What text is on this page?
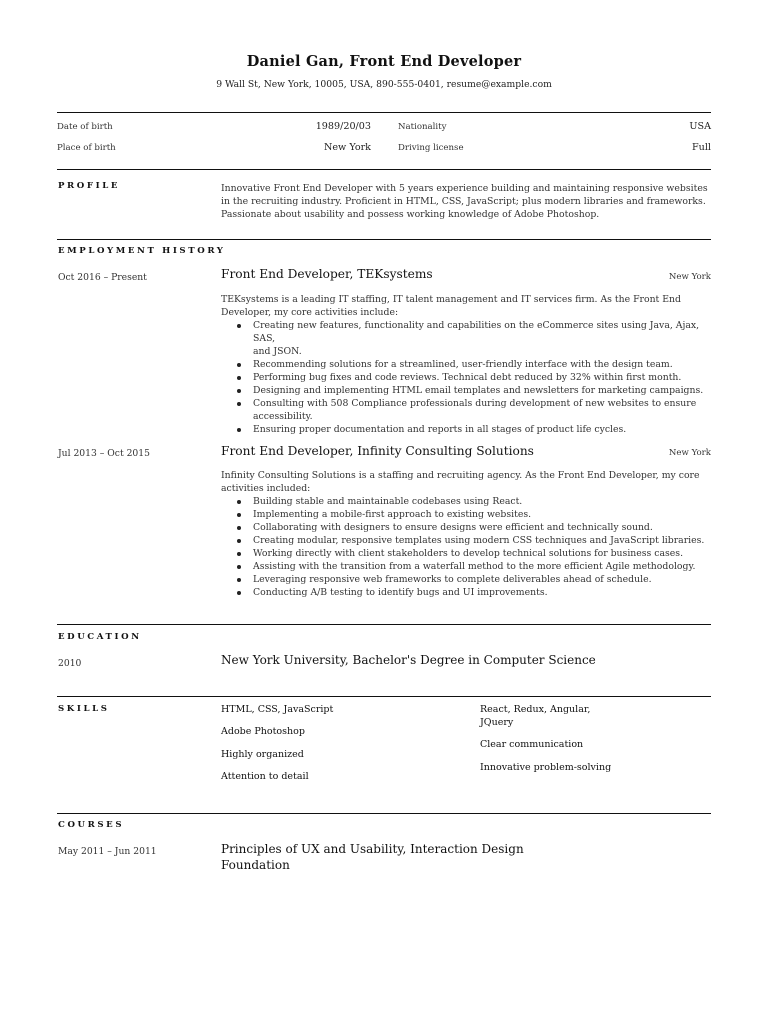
Daniel Gan, Front End Developer
9 Wall St, New York, 10005, USA, 890-555-0401, resume@example.com
Date of birth	1989/20/03	Nationality	USA
Place of birth	New York	Driving license	Full
PROFILE	Innovative Front End Developer with 5 years experience building and maintaining responsive websites
in the recruiting industry. Proficient in HTML, CSS, JavaScript; plus modern libraries and frameworks.
Passionate about usability and possess working knowledge of Adobe Photoshop.
EMPLOYMENT HISTORY
Oct 2016 – Present	Front End Developer, TEKsystems	New York
TEKsystems is a leading IT staffing, IT talent management and IT services firm. As the Front End
Developer, my core activities include:
Creating new features, functionality and capabilities on the eCommerce sites using Java, Ajax, SAS,
and JSON.
Recommending solutions for a streamlined, user-friendly interface with the design team.
Performing bug fixes and code reviews. Technical debt reduced by 32% within first month.
Designing and implementing HTML email templates and newsletters for marketing campaigns.
Consulting with 508 Compliance professionals during development of new websites to ensure
accessibility.
Ensuring proper documentation and reports in all stages of product life cycles.
Jul 2013 – Oct 2015	Front End Developer, Infinity Consulting Solutions	New York
Infinity Consulting Solutions is a staffing and recruiting agency. As the Front End Developer, my core
activities included:
Building stable and maintainable codebases using React.
Implementing a mobile-first approach to existing websites.
Collaborating with designers to ensure designs were efficient and technically sound.
Creating modular, responsive templates using modern CSS techniques and JavaScript libraries.
Working directly with client stakeholders to develop technical solutions for business cases.
Assisting with the transition from a waterfall method to the more efficient Agile methodology.
Leveraging responsive web frameworks to complete deliverables ahead of schedule.
Conducting A/B testing to identify bugs and UI improvements.
EDUCATION
2010	New York University, Bachelor's Degree in Computer Science
SKILLS	HTML, CSS, JavaScript
Adobe Photoshop
Highly organized
Attention to detail
React, Redux, Angular,
JQuery
Clear communication
Innovative problem-solving
COURSES
May 2011 – Jun 2011	Principles of UX and Usability, Interaction Design
Foundation
